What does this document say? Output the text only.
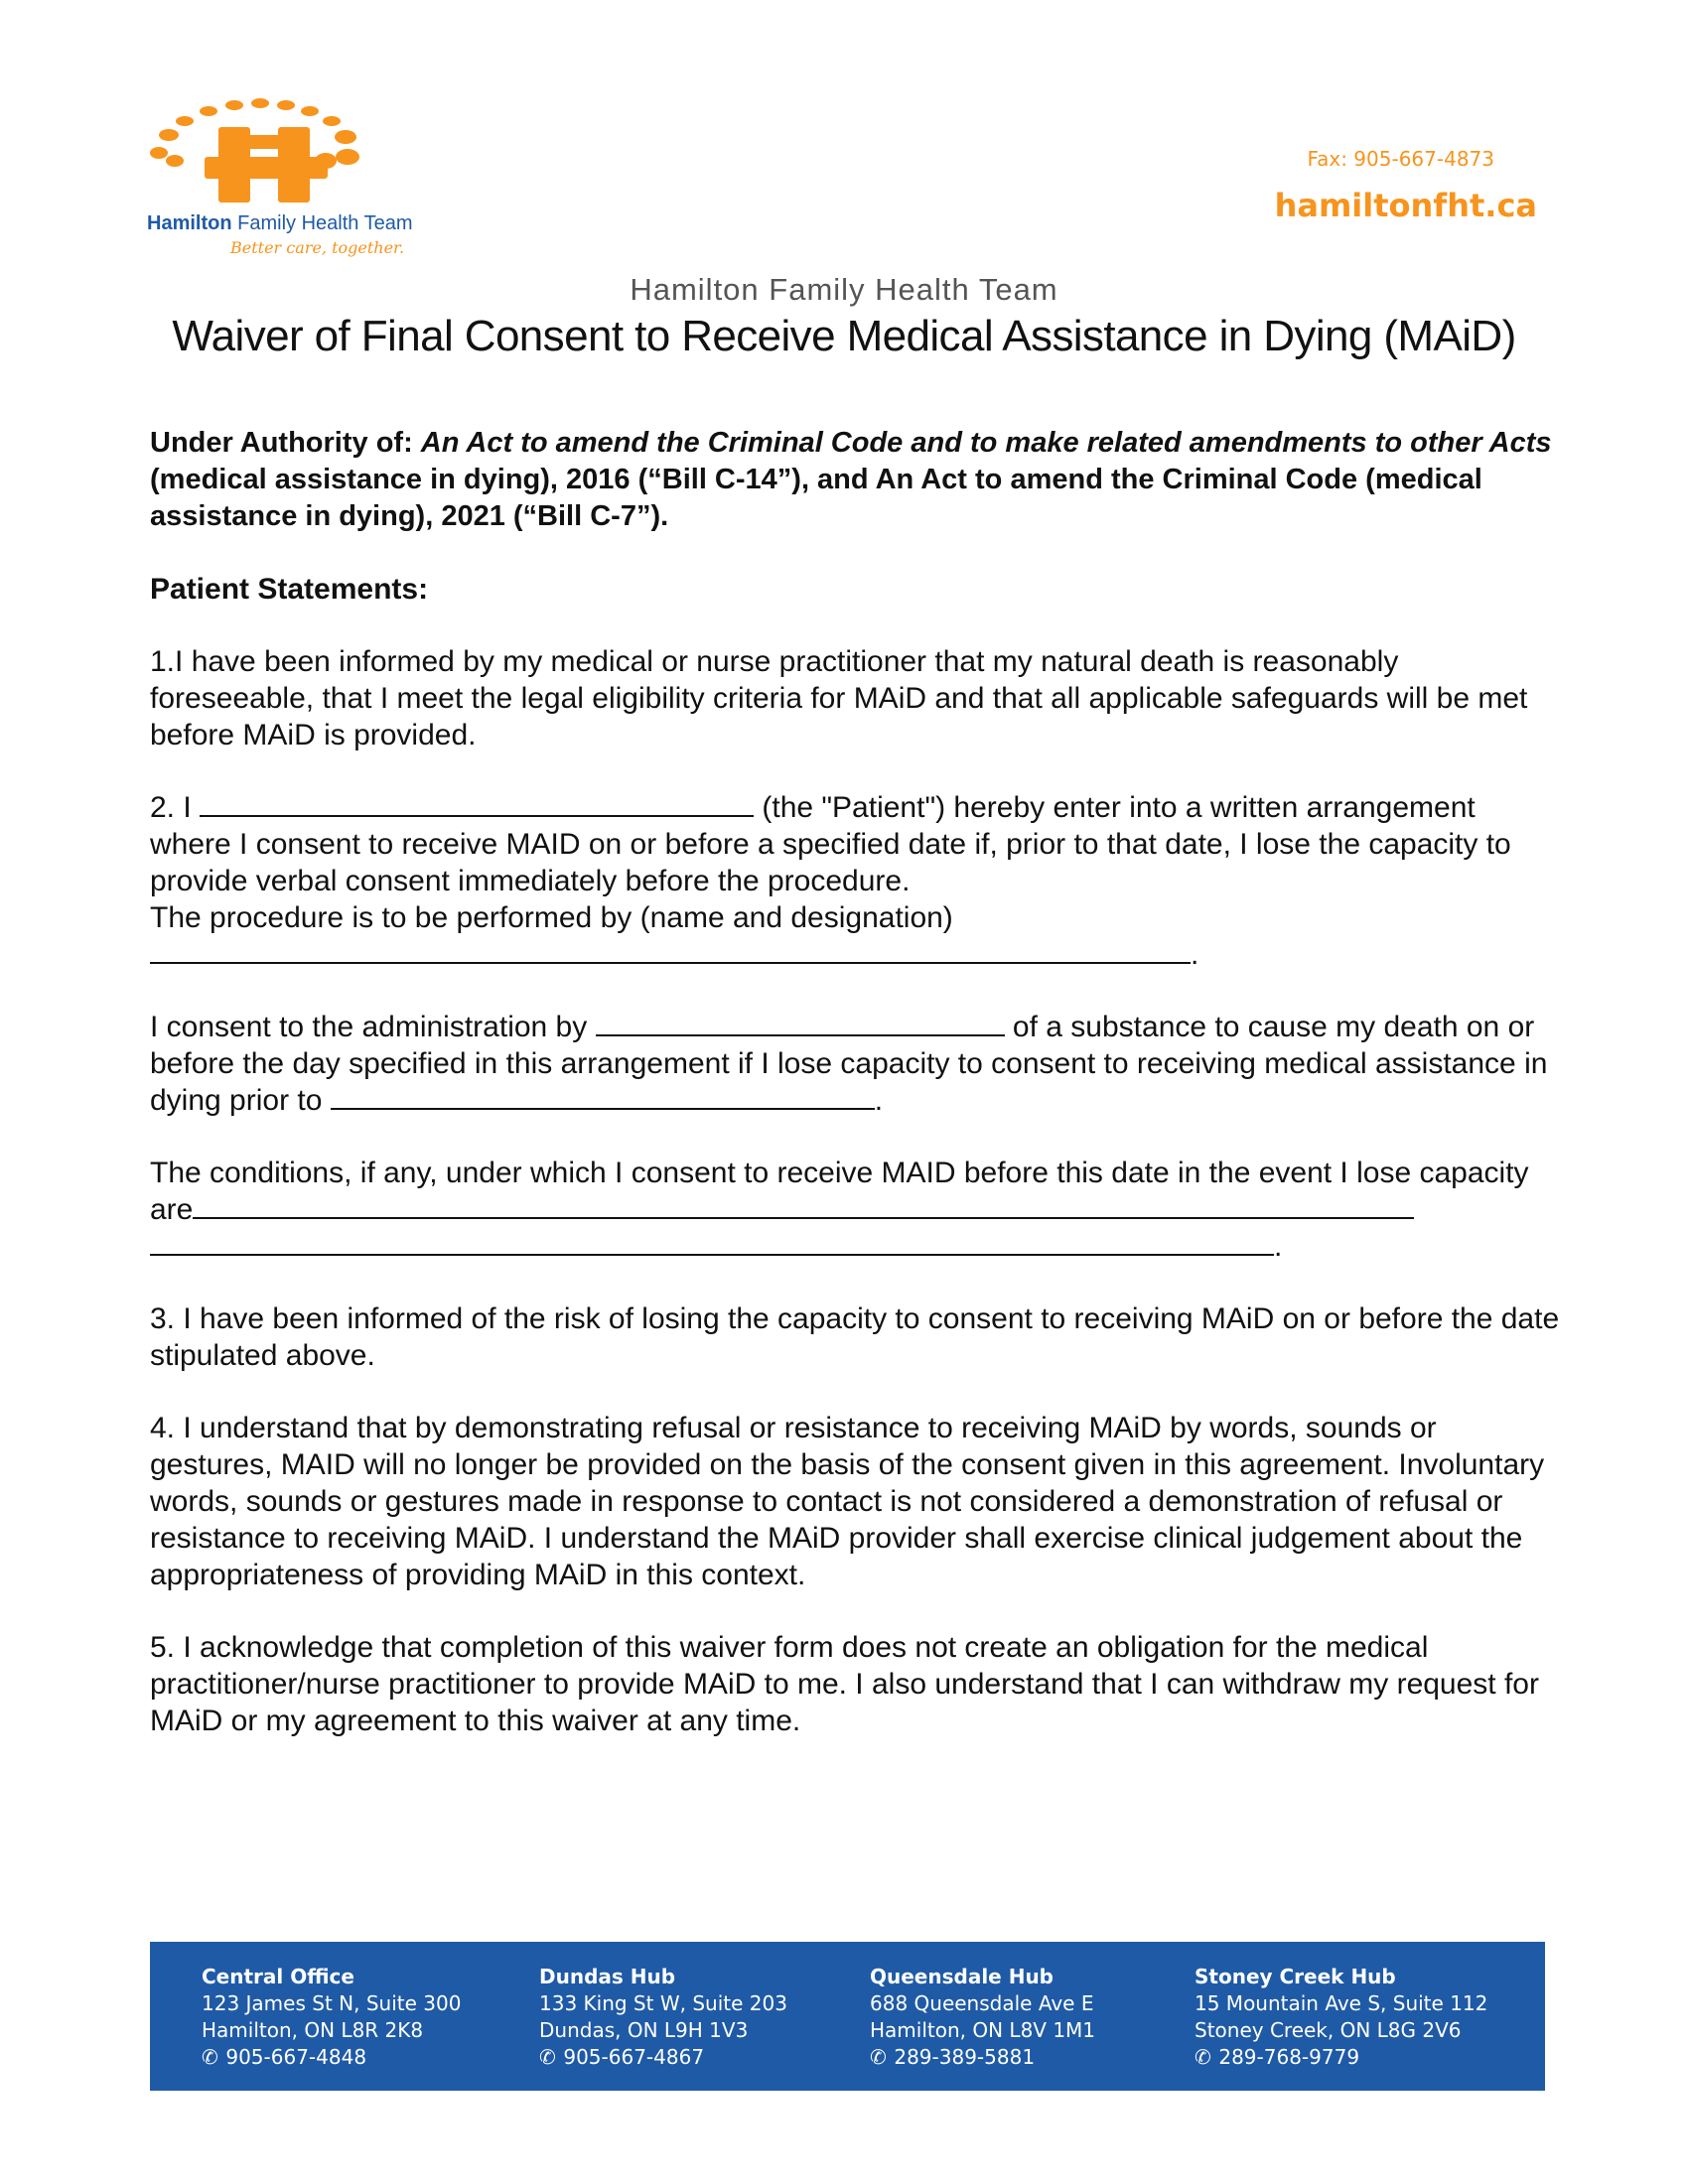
Hamilton Family Health Team
Better care, together.
Fax: 905-667-4873
hamiltonfht.ca
Hamilton Family Health Team
Waiver of Final Consent to Receive Medical Assistance in Dying (MAiD)

Under Authority of: An Act to amend the Criminal Code and to make related amendments to other Acts (medical assistance in dying), 2016 (“Bill C-14”), and An Act to amend the Criminal Code (medical assistance in dying), 2021 (“Bill C-7”).

Patient Statements:

1.I have been informed by my medical or nurse practitioner that my natural death is reasonably foreseeable, that I meet the legal eligibility criteria for MAiD and that all applicable safeguards will be met before MAiD is provided.

2. I	(the "Patient") hereby enter into a written arrangement where I consent to receive MAID on or before a specified date if, prior to that date, I lose the capacity to provide verbal consent immediately before the procedure.
The procedure is to be performed by (name and designation)
.

I consent to the administration by	of a substance to cause my death on or before the day specified in this arrangement if I lose capacity to consent to receiving medical assistance in dying prior to	.

The conditions, if any, under which I consent to receive MAID before this date in the event I lose capacity are
.

3. I have been informed of the risk of losing the capacity to consent to receiving MAiD on or before the date stipulated above.

4. I understand that by demonstrating refusal or resistance to receiving MAiD by words, sounds or gestures, MAID will no longer be provided on the basis of the consent given in this agreement. Involuntary words, sounds or gestures made in response to contact is not considered a demonstration of refusal or resistance to receiving MAiD. I understand the MAiD provider shall exercise clinical judgement about the appropriateness of providing MAiD in this context.

5. I acknowledge that completion of this waiver form does not create an obligation for the medical practitioner/nurse practitioner to provide MAiD to me. I also understand that I can withdraw my request for MAiD or my agreement to this waiver at any time.

Central Office
123 James St N, Suite 300
Hamilton, ON L8R 2K8
✆ 905-667-4848
Dundas Hub
133 King St W, Suite 203
Dundas, ON L9H 1V3
✆ 905-667-4867
Queensdale Hub
688 Queensdale Ave E
Hamilton, ON L8V 1M1
✆ 289-389-5881
Stoney Creek Hub
15 Mountain Ave S, Suite 112
Stoney Creek, ON L8G 2V6
✆ 289-768-9779
